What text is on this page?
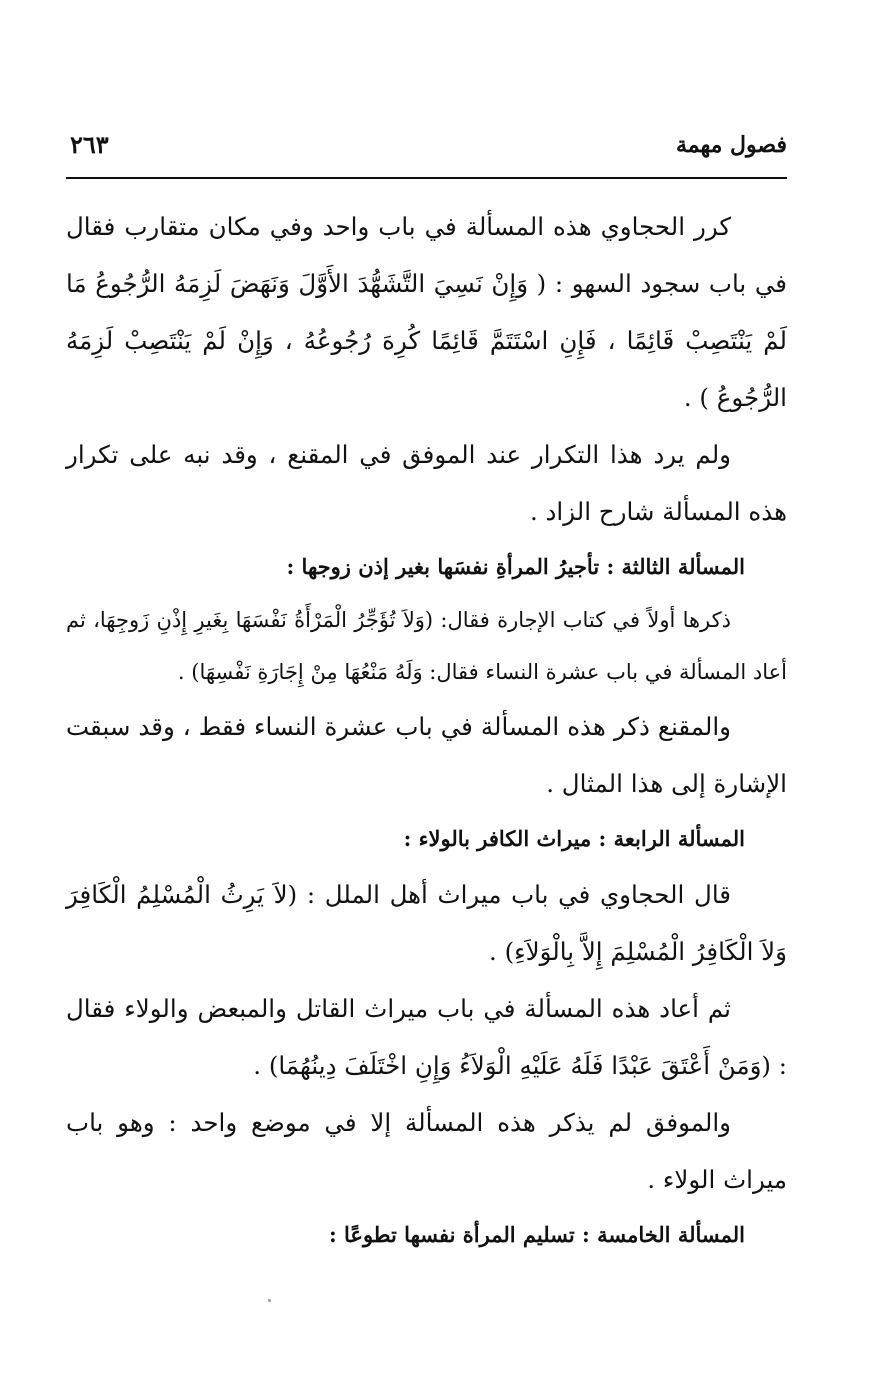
فصول مهمة
٢٦٣

كرر الحجاوي هذه المسألة في باب واحد وفي مكان متقارب فقال في باب سجود السهو : ( وَإِنْ نَسِيَ التَّشَهُّدَ الأَوَّلَ وَنَهَضَ لَزِمَهُ الرُّجُوعُ مَا لَمْ يَنْتَصِبْ قَائِمًا ، فَإِنِ اسْتَتَمَّ قَائِمًا كُرِهَ رُجُوعُهُ ، وَإِنْ لَمْ يَنْتَصِبْ لَزِمَهُ الرُّجُوعُ ) .

ولم يرد هذا التكرار عند الموفق في المقنع ، وقد نبه على تكرار هذه المسألة شارح الزاد .

المسألة الثالثة : تأجيرُ المرأةِ نفسَها بغير إذن زوجها :

ذكرها أولاً في كتاب الإجارة فقال: (وَلاَ تُؤَجِّرُ الْمَرْأَةُ نَفْسَهَا بِغَيرِ إِذْنِ زَوجِهَا، ثم أعاد المسألة في باب عشرة النساء فقال: وَلَهُ مَنْعُهَا مِنْ إِجَارَةِ نَفْسِهَا) .

والمقنع ذكر هذه المسألة في باب عشرة النساء فقط ، وقد سبقت الإشارة إلى هذا المثال .

المسألة الرابعة : ميراث الكافر بالولاء :

قال الحجاوي في باب ميراث أهل الملل : (لاَ يَرِثُ الْمُسْلِمُ الْكَافِرَ وَلاَ الْكَافِرُ الْمُسْلِمَ إِلاَّ بِالْوَلاَءِ) .

ثم أعاد هذه المسألة في باب ميراث القاتل والمبعض والولاء فقال : (وَمَنْ أَعْتَقَ عَبْدًا فَلَهُ عَلَيْهِ الْوَلاَءُ وَإِنِ اخْتَلَفَ دِينُهُمَا) .

والموفق لم يذكر هذه المسألة إلا في موضع واحد : وهو باب ميراث الولاء .

المسألة الخامسة : تسليم المرأة نفسها تطوعًا :
